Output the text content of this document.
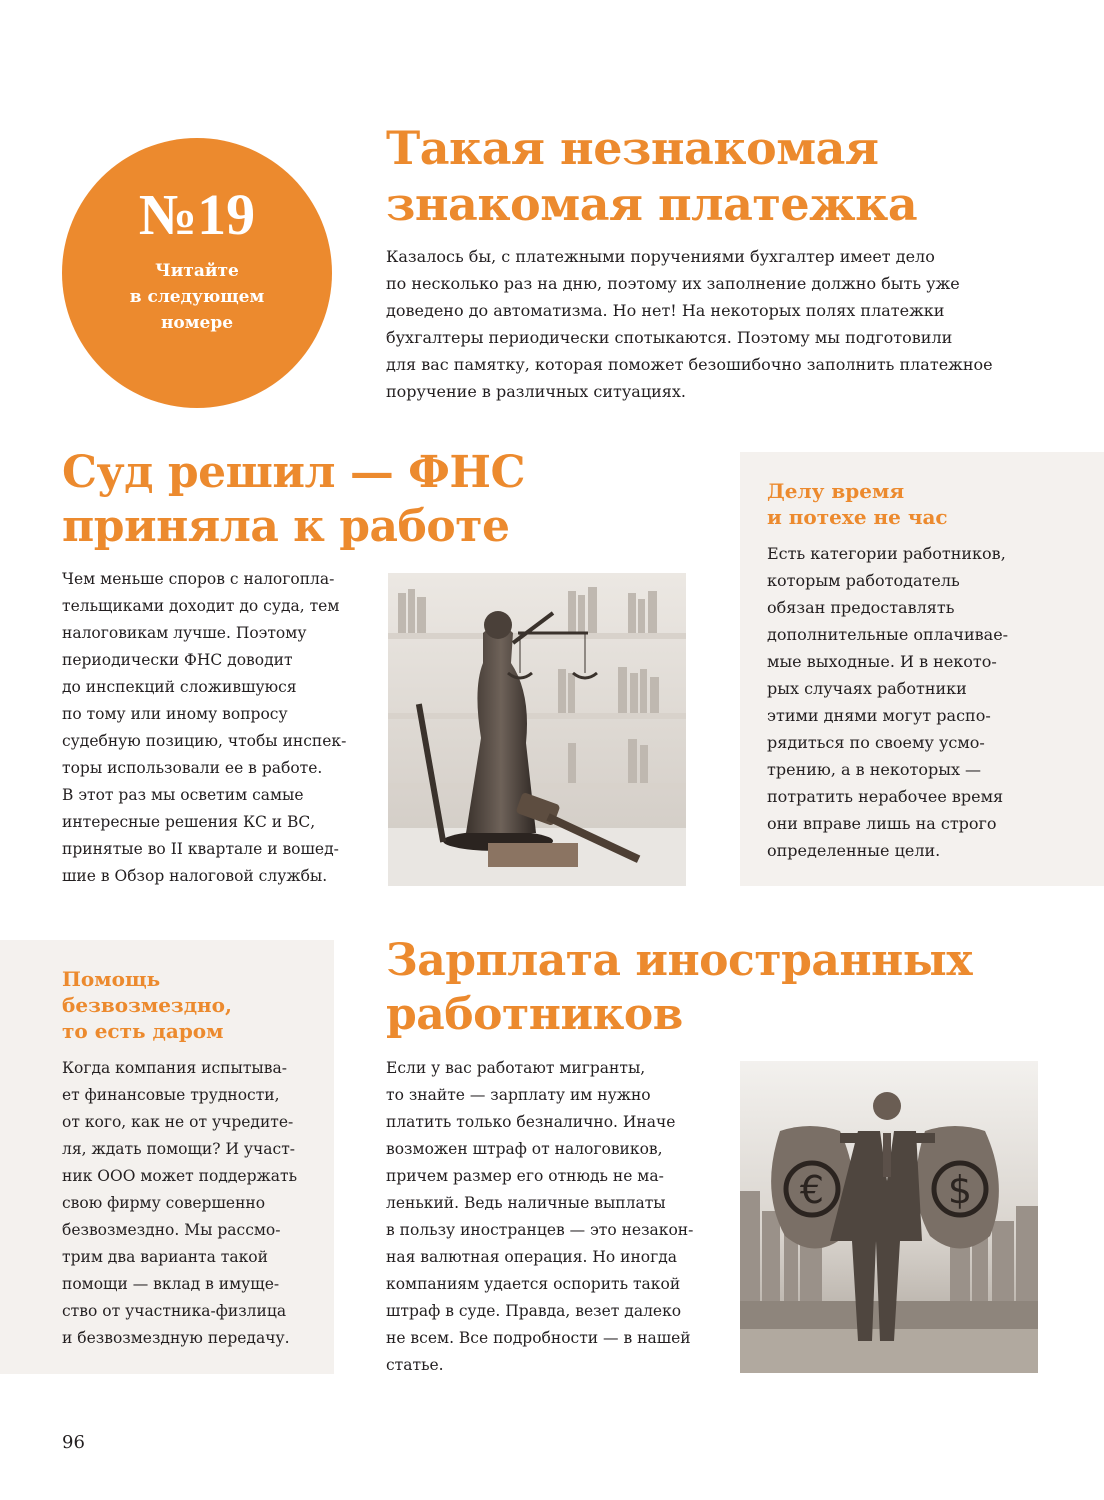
№19
Читайте
в следующем
номере
Такая незнакомая
знакомая платежка
Казалось бы, с платежными поручениями бухгалтер имеет дело
по несколько раз на дню, поэтому их заполнение должно быть уже
доведено до автоматизма. Но нет! На некоторых полях платежки
бухгалтеры периодически спотыкаются. Поэтому мы подготовили
для вас памятку, которая поможет безошибочно заполнить платежное
поручение в различных ситуациях.
Суд решил — ФНС
приняла к работе
Чем меньше споров с налогопла-
тельщиками доходит до суда, тем
налоговикам лучше. Поэтому
периодически ФНС доводит
до инспекций сложившуюся
по тому или иному вопросу
судебную позицию, чтобы инспек-
торы использовали ее в работе.
В этот раз мы осветим самые
интересные решения КС и ВС,
принятые во II квартале и вошед-
шие в Обзор налоговой службы.
Делу время
и потехе не час
Есть категории работников,
которым работодатель
обязан предоставлять
дополнительные оплачивае-
мые выходные. И в некото-
рых случаях работники
этими днями могут распо-
рядиться по своему усмо-
трению, а в некоторых —
потратить нерабочее время
они вправе лишь на строго
определенные цели.
Помощь
безвозмездно,
то есть даром
Когда компания испытыва-
ет финансовые трудности,
от кого, как не от учредите-
ля, ждать помощи? И участ-
ник ООО может поддержать
свою фирму совершенно
безвозмездно. Мы рассмо-
трим два варианта такой
помощи — вклад в имуще-
ство от участника-физлица
и безвозмездную передачу.
Зарплата иностранных
работников
Если у вас работают мигранты,
то знайте — зарплату им нужно
платить только безналично. Иначе
возможен штраф от налоговиков,
причем размер его отнюдь не ма-
ленький. Ведь наличные выплаты
в пользу иностранцев — это незакон-
ная валютная операция. Но иногда
компаниям удается оспорить такой
штраф в суде. Правда, везет далеко
не всем. Все подробности — в нашей
статье.
€	$
96
